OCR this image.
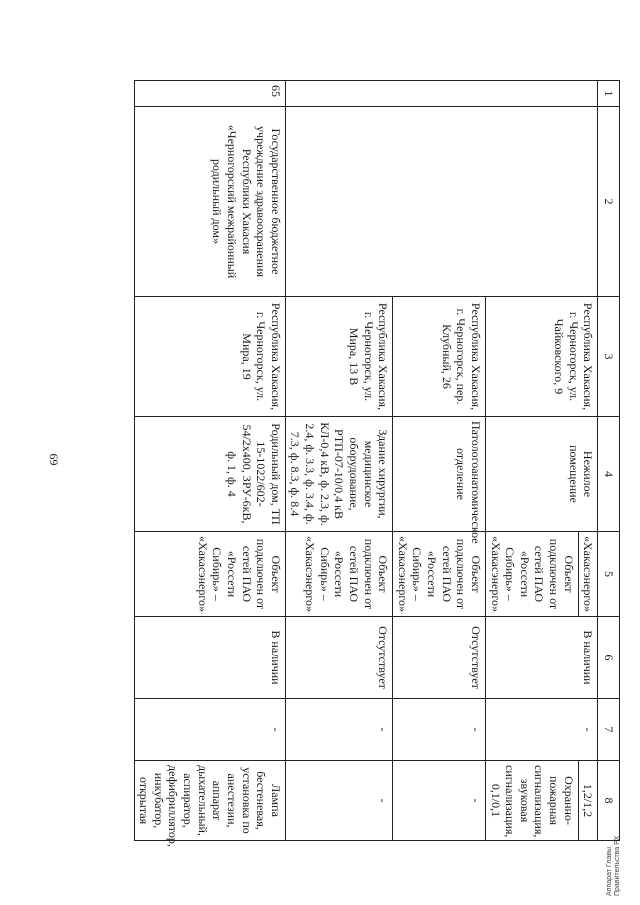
69
1	2	3	4	5	6	7	8
		Республика Хакасия, г. Черногорск, ул. Чайковского, 9	Нежилое помещение	«Хакасэнерго»	В наличии	-	1,2/1,2
				Объект подключен от сетей ПАО «Россети Сибирь» – «Хакасэнерго»			Охранно-пожарная сигнализация, звуковая сигнализация, 0,1/0,1
		Республика Хакасия, г. Черногорск, пер. Клубный, 26	Патологоанатомическое отделение	Объект подключен от сетей ПАО «Россети Сибирь» – «Хакасэнерго»	Отсутствует	-	-
		Республика Хакасия, г. Черногорск, ул. Мира, 13 В	Здание хирургии, медицинское оборудование, РТП-07-10/0,4 кВ КЛ-0,4 кВ, ф. 2.3, ф. 2.4, ф. 3.3, ф. 3.4, ф. 7.3, ф. 8.3, ф. 8.4	Объект подключен от сетей ПАО «Россети Сибирь» – «Хакасэнерго»	Отсутствует	-	-
65	Государственное бюджетное учреждение здравоохранения Республики Хакасия «Черногорский межрайонный родильный дом»	Республика Хакасия, г. Черногорск, ул. Мира, 19	Родильный дом, ТП 15-1022/602-54/2х400, ЗРУ-6кВ, ф. 1, ф. 4	Объект подключен от сетей ПАО «Россети Сибирь» – «Хакасэнерго»	В наличии	-	Лампа бестеневая, установка по анестезии, аппарат дыхательный, аспиратор, дефибриллятор, инкубатор, открытая
Аппарат Главы Правительства РХ
